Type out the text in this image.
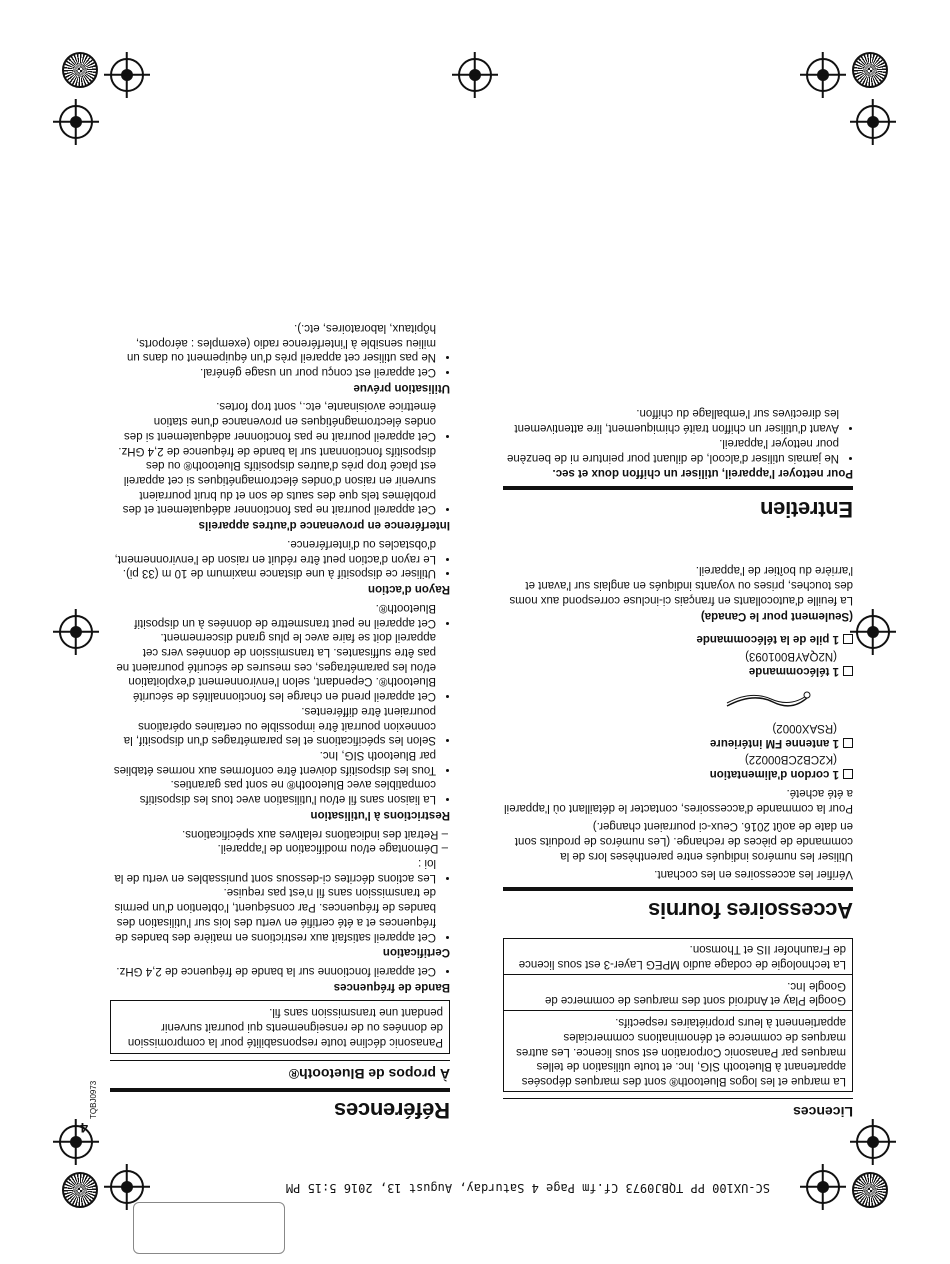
SC-UX100 PP TQBJ0973 Cf.fm Page 4 Saturday, August 13, 2016 5:15 PM
Références
À propos de Bluetooth®
Panasonic décline toute responsabilité pour la compromission de données ou de renseignements qui pourrait survenir pendant une transmission sans fil.
Bande de fréquences
• Cet appareil fonctionne sur la bande de fréquence de 2,4 GHz.
Certification
• Cet appareil satisfait aux restrictions en matière des bandes de fréquences et a été certifié en vertu des lois sur l'utilisation des bandes de fréquences. Par conséquent, l'obtention d'un permis de transmission sans fil n'est pas requise.
• Les actions décrites ci-dessous sont punissables en vertu de la loi :
– Démontage et/ou modification de l'appareil.
– Retrait des indications relatives aux spécifications.
Restrictions à l'utilisation
• La liaison sans fil et/ou l'utilisation avec tous les dispositifs compatibles avec Bluetooth® ne sont pas garanties.
• Tous les dispositifs doivent être conformes aux normes établies par Bluetooth SIG, Inc.
• Selon les spécifications et les paramétrages d'un dispositif, la connexion pourrait être impossible ou certaines opérations pourraient être différentes.
• Cet appareil prend en charge les fonctionnalités de sécurité Bluetooth®. Cependant, selon l'environnement d'exploitation et/ou les paramétrages, ces mesures de sécurité pourraient ne pas être suffisantes. La transmission de données vers cet appareil doit se faire avec le plus grand discernement.
• Cet appareil ne peut transmettre de données à un dispositif Bluetooth®.
Rayon d'action
• Utiliser ce dispositif à une distance maximum de 10 m (33 pi).
• Le rayon d'action peut être réduit en raison de l'environnement, d'obstacles ou d'interférence.
Interférence en provenance d'autres appareils
• Cet appareil pourrait ne pas fonctionner adéquatement et des problèmes tels que des sauts de son et du bruit pourraient survenir en raison d'ondes électromagnétiques si cet appareil est placé trop près d'autres dispositifs Bluetooth® ou des dispositifs fonctionnant sur la bande de fréquence de 2,4 GHz.
• Cet appareil pourrait ne pas fonctionner adéquatement si des ondes électromagnétiques en provenance d'une station émettrice avoisinante, etc., sont trop fortes.
Utilisation prévue
• Cet appareil est conçu pour un usage général.
• Ne pas utiliser cet appareil près d'un équipement ou dans un milieu sensible à l'interférence radio (exemples : aéroports, hôpitaux, laboratoires, etc.).
Licences
La marque et les logos Bluetooth® sont des marques déposées appartenant à Bluetooth SIG, Inc. et toute utilisation de telles marques par Panasonic Corporation est sous licence. Les autres marques de commerce et dénominations commerciales appartiennent à leurs propriétaires respectifs.
Google Play et Android sont des marques de commerce de Google Inc.
La technologie de codage audio MPEG Layer-3 est sous licence de Fraunhofer IIS et Thomson.
Accessoires fournis

Vérifier les accessoires en les cochant.

Utiliser les numéros indiqués entre parenthèses lors de la commande de pièces de rechange. (Les numéros de produits sont en date de août 2016. Ceux-ci pourraient changer.)

Pour la commande d'accessoires, contacter le détaillant où l'appareil a été acheté.

1 cordon d'alimentation
(K2CB2CB00022)
1 antenne FM intérieure
(RSAX0002)
1 télécommande
(N2QAYB001093)
1 pile de la télécommande
(Seulement pour le Canada)

La feuille d'autocollants en français ci-incluse correspond aux noms des touches, prises ou voyants indiqués en anglais sur l'avant et l'arrière du boîtier de l'appareil.

Entretien
Pour nettoyer l'appareil, utiliser un chiffon doux et sec.
• Ne jamais utiliser d'alcool, de diluant pour peinture ni de benzène pour nettoyer l'appareil.
• Avant d'utiliser un chiffon traité chimiquement, lire attentivement les directives sur l'emballage du chiffon.
4
TQBJ0973
